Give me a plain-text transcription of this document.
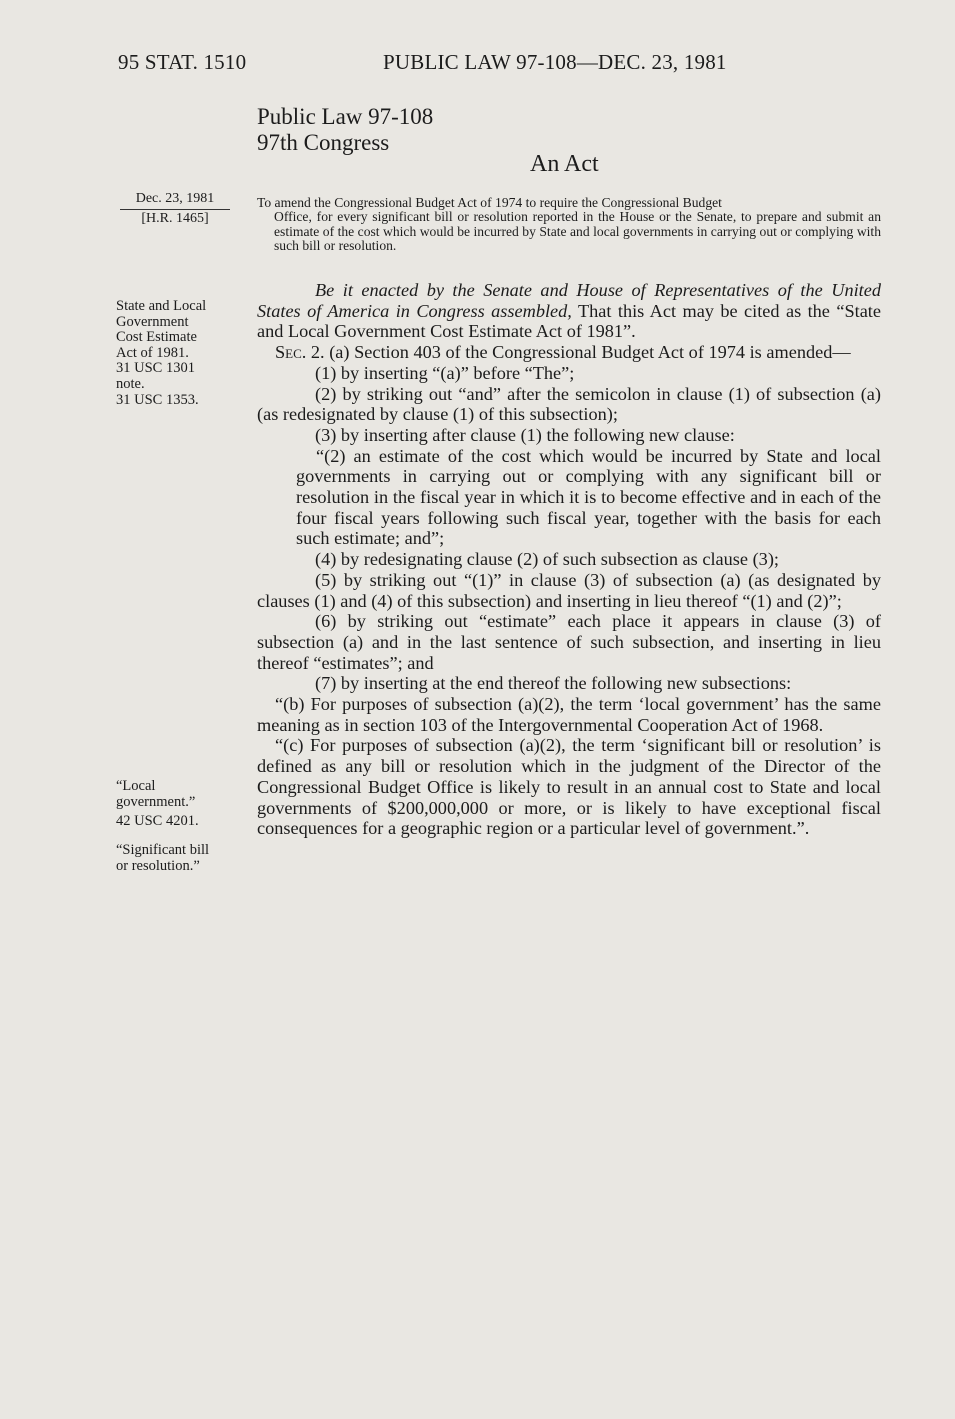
95 STAT. 1510	PUBLIC LAW 97-108—DEC. 23, 1981
Public Law 97-108
97th Congress
An Act
Dec. 23, 1981
[H.R. 1465]

To amend the Congressional Budget Act of 1974 to require the Congressional Budget

Office, for every significant bill or resolution reported in the House or the Senate, to prepare and submit an estimate of the cost which would be incurred by State and local governments in carrying out or complying with such bill or resolution.

State and Local
Government
Cost Estimate
Act of 1981.
31 USC 1301
note.
31 USC 1353.
“Local
government.”
42 USC 4201.
“Significant bill
or resolution.”

Be it enacted by the Senate and House of Representatives of the United States of America in Congress assembled, That this Act may be cited as the “State and Local Government Cost Estimate Act of 1981”.

Sec. 2. (a) Section 403 of the Congressional Budget Act of 1974 is amended—

(1) by inserting “(a)” before “The”;

(2) by striking out “and” after the semicolon in clause (1) of subsection (a) (as redesignated by clause (1) of this subsection);

(3) by inserting after clause (1) the following new clause:

“(2) an estimate of the cost which would be incurred by State and local governments in carrying out or complying with any significant bill or resolution in the fiscal year in which it is to become effective and in each of the four fiscal years following such fiscal year, together with the basis for each such estimate; and”;

(4) by redesignating clause (2) of such subsection as clause (3);

(5) by striking out “(1)” in clause (3) of subsection (a) (as designated by clauses (1) and (4) of this subsection) and inserting in lieu thereof “(1) and (2)”;

(6) by striking out “estimate” each place it appears in clause (3) of subsection (a) and in the last sentence of such subsection, and inserting in lieu thereof “estimates”; and

(7) by inserting at the end thereof the following new subsections:

“(b) For purposes of subsection (a)(2), the term ‘local government’ has the same meaning as in section 103 of the Intergovernmental Cooperation Act of 1968.

“(c) For purposes of subsection (a)(2), the term ‘significant bill or resolution’ is defined as any bill or resolution which in the judgment of the Director of the Congressional Budget Office is likely to result in an annual cost to State and local governments of $200,000,000 or more, or is likely to have exceptional fiscal consequences for a geographic region or a particular level of government.”.
